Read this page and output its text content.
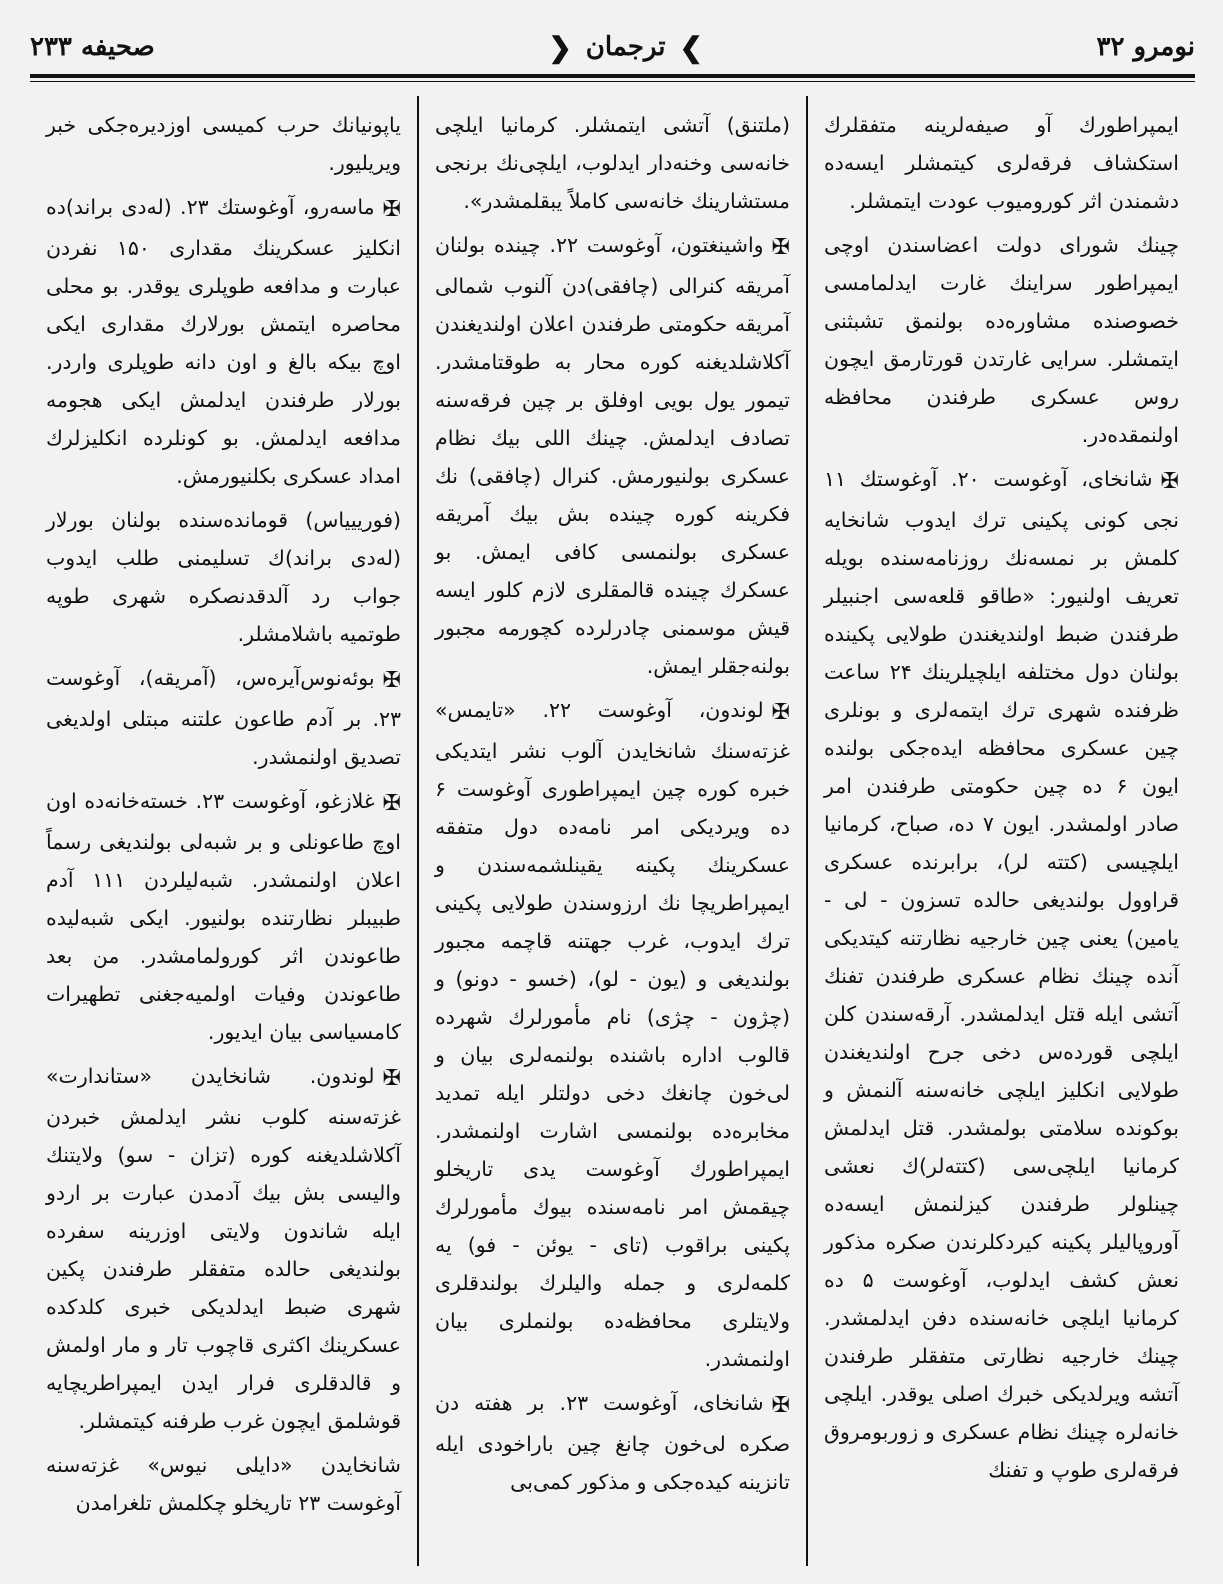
نومرو ۳۲
❯
ترجمان
❮
صحيفه ۲۳۳

ايمپراطورك آو صيفه‌لرينه متفقلرك استكشاف فرقه‌لری كيتمشلر ايسه‌ده دشمندن اثر كوروميوب عودت ايتمشلر.

چينك شورای دولت اعضاسندن اوچی ايمپراطور سراينك غارت ايدلمامسی خصوصنده مشاوره‌ده بولنمق تشبثنی ايتمشلر. سرايی غارتدن قورتارمق ايچون روس عسكری طرفندن محافظه اولنمقده‌در.

✠شانخای، آوغوست ۲۰. آوغوستك ۱۱ نجی كونی پكينی ترك ايدوب شانخايه كلمش بر نمسه‌نك روزنامه‌سنده بويله تعريف اولنيور: «طاقو قلعه‌سی اجنبيلر طرفندن ضبط اولنديغندن طولايی پكينده بولنان دول مختلفه ايلچيلرينك ۲۴ ساعت ظرفنده شهری ترك ايتمه‌لری و بونلری چين عسكری محافظه ايده‌جكی بولنده ايون ۶ ده چين حكومتی طرفندن امر صادر اولمشدر. ايون ۷ ده، صباح، كرمانيا ايلچيسی (كتته لر)، برابرنده عسكری قراوول بولنديغی حالده تسزون - لی - يامين) يعنی چين خارجيه نظارتنه كيتديكی آنده چينك نظام عسكری طرفندن تفنك آتشی ايله قتل ايدلمشدر. آرقه‌سندن كلن ايلچی قورده‌س دخی جرح اولنديغندن طولايی انكليز ايلچی خانه‌سنه آلنمش و بوكونده سلامتی بولمشدر. قتل ايدلمش كرمانيا ايلچی‌سی (كتته‌لر)ك نعشی چينلولر طرفندن كيزلنمش ايسه‌ده آوروپاليلر پكينه كيردكلرندن صكره مذكور نعش كشف ايدلوب، آوغوست ۵ ده كرمانيا ايلچی خانه‌سنده دفن ايدلمشدر. چينك خارجيه نظارتی متفقلر طرفندن آتشه ويرلديكی خبرك اصلی يوقدر. ايلچی خانه‌لره چينك نظام عسكری و زوربومروق فرقه‌لری طوپ و تفنك

(ملتنق) آتشی ايتمشلر. كرمانيا ايلچی خانه‌سی وخنه‌دار ايدلوب، ايلچی‌نك برنجی مستشارينك خانه‌سی كاملاً يبقلمشدر».

✠واشينغتون، آوغوست ۲۲. چينده بولنان آمريقه كنرالی (چافقی)دن آلنوب شمالی آمريقه حكومتی طرفندن اعلان اولنديغندن آكلاشلديغنه كوره محار به طوقتامشدر. تيمور يول بويی اوفلق بر چين فرقه‌سنه تصادف ايدلمش. چينك اللی بيك نظام عسكری بولنيورمش. كنرال (چافقی) نك فكرينه كوره چينده بش بيك آمريقه عسكری بولنمسی كافی ايمش. بو عسكرك چينده قالمقلری لازم كلور ايسه قيش موسمنی چادرلرده كچورمه مجبور بولنه‌جقلر ايمش.

✠لوندون، آوغوست ۲۲. «تايمس» غزته‌سنك شانخايدن آلوب نشر ايتديكی خبره كوره چين ايمپراطوری آوغوست ۶ ده ويرديكی امر نامه‌ده دول متفقه عسكرينك پكينه يقينلشمه‌سندن و ايمپراطريچا نك ارزوسندن طولايی پكينی ترك ايدوب، غرب جهتنه قاچمه مجبور بولنديغی و (يون - لو)، (خسو - دونو) و (چژون - چژی) نام مأمورلرك شهرده قالوب اداره باشنده بولنمه‌لری بيان و لی‌خون چانغك دخی دولتلر ايله تمديد مخابره‌ده بولنمسی اشارت اولنمشدر. ايمپراطورك آوغوست يدی تاريخلو چيقمش امر نامه‌سنده بيوك مأمورلرك پكينی براقوب (تای - يوئن - فو) يه كلمه‌لری و جمله واليلرك بولندقلری ولايتلری محافظه‌ده بولنملری بيان اولنمشدر.

✠شانخای، آوغوست ۲۳. بر هفته دن صكره لی‌خون چانغ چين باراخودی ايله تانزينه كيده‌جكی و مذكور كمی‌بی

ياپونيانك حرب كميسی اوزديره‌جكی خبر ويريليور.

✠ماسه‌رو، آوغوستك ۲۳. (له‌دی براند)ده انكليز عسكرينك مقداری ۱۵۰ نفردن عبارت و مدافعه طوپلری يوقدر. بو محلی محاصره ايتمش بورلارك مقداری ايكی اوچ بيكه بالغ و اون دانه طوپلری واردر. بورلار طرفندن ايدلمش ايكی هجومه مدافعه ايدلمش. بو كونلرده انكليزلرك امداد عسكری بكلنيورمش.

(فورييياس) قومانده‌سنده بولنان بورلار (له‌دی براند)ك تسليمنی طلب ايدوب جواب رد آلدقدنصكره شهری طوپه طوتميه باشلامشلر.

✠بوئه‌نوس‌آيره‌س، (آمريقه)، آوغوست ۲۳. بر آدم طاعون علتنه مبتلی اولديغی تصديق اولنمشدر.

✠غلازغو، آوغوست ۲۳. خسته‌خانه‌ده اون اوچ طاعونلی و بر شبه‌لی بولنديغی رسماً اعلان اولنمشدر. شبه‌لیلردن ۱۱۱ آدم طبيبلر نظارتنده بولنيور. ايكی شبه‌ليده طاعوندن اثر كورولمامشدر. من بعد طاعوندن وفيات اولميه‌جغنی تطهيرات كامسياسی بيان ايديور.

✠لوندون. شانخايدن «ستاندارت» غزته‌سنه كلوب نشر ايدلمش خبردن آكلاشلديغنه كوره (تزان - سو) ولايتنك واليسی بش بيك آدمدن عبارت بر اردو ايله شاندون ولايتی اوزرينه سفرده بولنديغی حالده متفقلر طرفندن پكين شهری ضبط ايدلديكی خبری كلدكده عسكرينك اكثری قاچوب تار و مار اولمش و قالدقلری فرار ايدن ايمپراطريچايه قوشلمق ايچون غرب طرفنه كيتمشلر.

شانخايدن «دايلی نيوس» غزته‌سنه آوغوست ۲۳ تاريخلو چكلمش تلغرامدن
